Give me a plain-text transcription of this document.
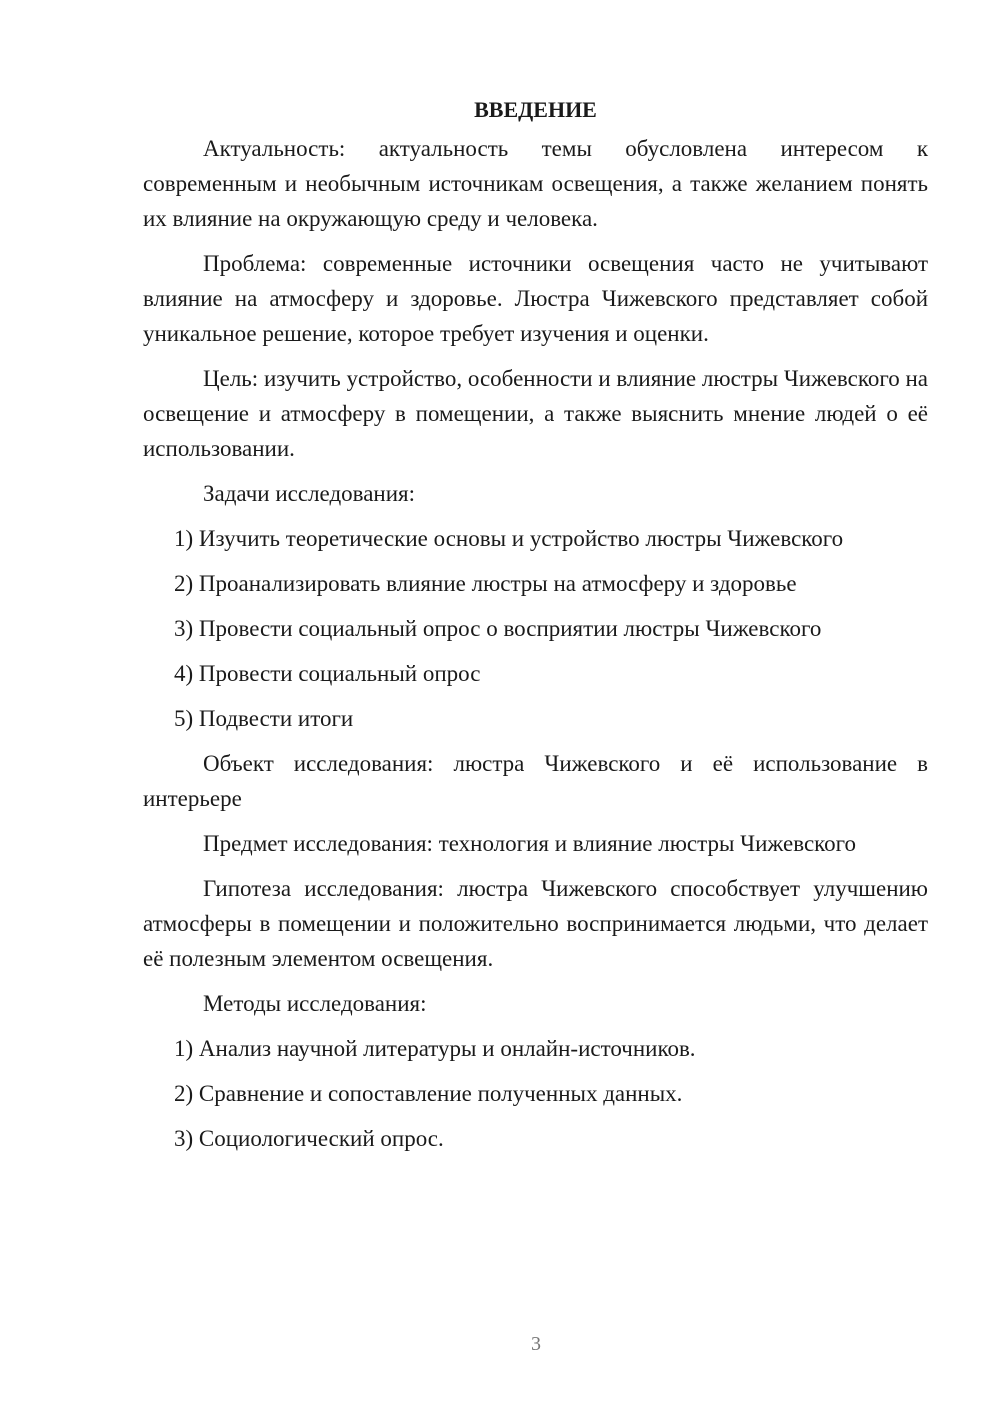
ВВЕДЕНИЕ
Актуальность: актуальность темы обусловлена интересом к современным и необычным источникам освещения, а также желанием понять их влияние на окружающую среду и человека.
Проблема: современные источники освещения часто не учитывают влияние на атмосферу и здоровье. Люстра Чижевского представляет собой уникальное решение, которое требует изучения и оценки.
Цель: изучить устройство, особенности и влияние люстры Чижевского на освещение и атмосферу в помещении, а также выяснить мнение людей о её использовании.
Задачи исследования:
1) Изучить теоретические основы и устройство люстры Чижевского
2) Проанализировать влияние люстры на атмосферу и здоровье
3) Провести социальный опрос о восприятии люстры Чижевского
4) Провести социальный опрос
5) Подвести итоги
Объект исследования: люстра Чижевского и её использование в интерьере
Предмет исследования: технология и влияние люстры Чижевского
Гипотеза исследования: люстра Чижевского способствует улучшению атмосферы в помещении и положительно воспринимается людьми, что делает её полезным элементом освещения.
Методы исследования:
1) Анализ научной литературы и онлайн-источников.
2) Сравнение и сопоставление полученных данных.
3) Социологический опрос.
3
